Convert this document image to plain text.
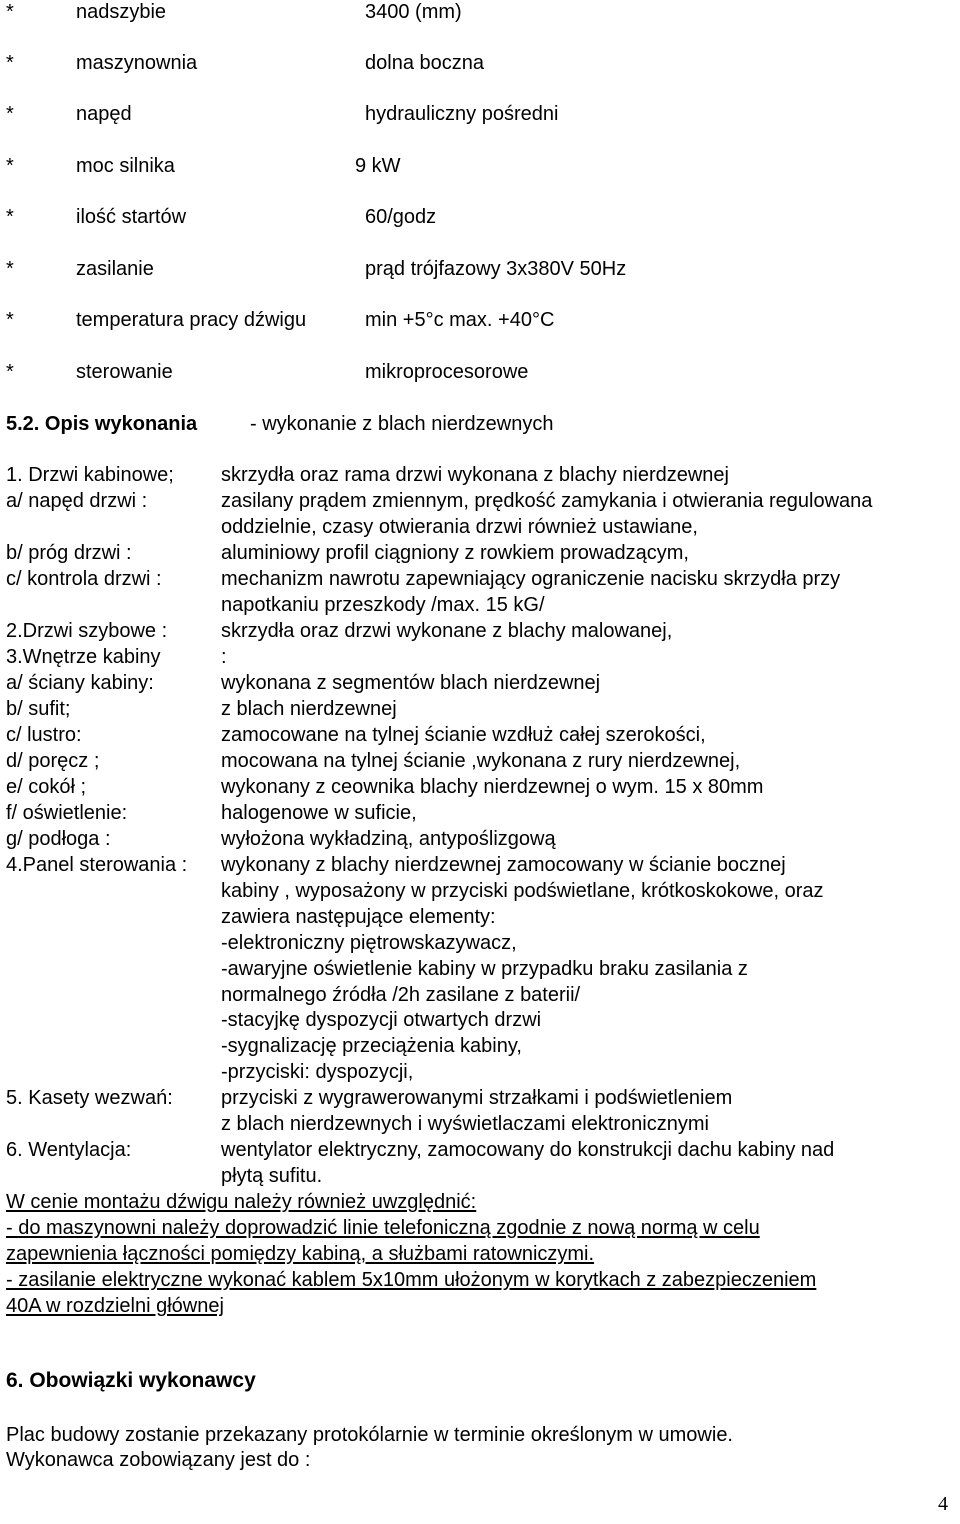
*	nadszybie	3400 (mm)
*	maszynownia	dolna boczna
*	napęd	hydrauliczny pośredni
*	moc silnika	9 kW
*	ilość startów	60/godz
*	zasilanie	prąd trójfazowy 3x380V 50Hz
*	temperatura pracy dźwigu	min +5°c max. +40°C
*	sterowanie	mikroprocesorowe
5.2. Opis wykonania	- wykonanie z blach nierdzewnych
1. Drzwi kabinowe; skrzydła oraz rama drzwi wykonana z blachy nierdzewnej
a/ napęd drzwi :	zasilany prądem zmiennym, prędkość zamykania i otwierania regulowana
oddzielnie, czasy otwierania drzwi również ustawiane,
b/ próg drzwi :	aluminiowy profil ciągniony z rowkiem prowadzącym,
c/ kontrola drzwi :	mechanizm nawrotu zapewniający ograniczenie nacisku skrzydła przy
napotkaniu przeszkody /max. 15 kG/
2.Drzwi szybowe :	skrzydła oraz drzwi wykonane z blachy malowanej,
3.Wnętrze kabiny	:
a/ ściany kabiny:	wykonana z segmentów blach nierdzewnej
b/ sufit;	z blach nierdzewnej
c/ lustro:	zamocowane na tylnej ścianie wzdłuż całej szerokości,
d/ poręcz ;	mocowana na tylnej ścianie ,wykonana z rury nierdzewnej,
e/ cokół ;	wykonany z ceownika blachy nierdzewnej o wym. 15 x 80mm
f/ oświetlenie:	halogenowe w suficie,
g/ podłoga :	wyłożona wykładziną, antypoślizgową
4.Panel sterowania : wykonany z blachy nierdzewnej zamocowany w ścianie bocznej
kabiny , wyposażony w przyciski podświetlane, krótkoskokowe, oraz
zawiera następujące elementy:
-elektroniczny piętrowskazywacz,
-awaryjne oświetlenie kabiny w przypadku braku zasilania z
normalnego źródła /2h zasilane z baterii/
-stacyjkę dyspozycji otwartych drzwi
-sygnalizację przeciążenia kabiny,
-przyciski: dyspozycji,
5. Kasety wezwań: przyciski z wygrawerowanymi strzałkami i podświetleniem
z blach nierdzewnych i wyświetlaczami elektronicznymi
6. Wentylacja:	wentylator elektryczny, zamocowany do konstrukcji dachu kabiny nad
płytą sufitu.
W cenie montażu dźwigu należy również uwzględnić:
- do maszynowni należy doprowadzić linie telefoniczną zgodnie z nową normą w celu
zapewnienia łączności pomiędzy kabiną, a służbami ratowniczymi.
- zasilanie elektryczne wykonać kablem 5x10mm ułożonym w korytkach z zabezpieczeniem
40A w rozdzielni głównej
6. Obowiązki wykonawcy
Plac budowy zostanie przekazany protokólarnie w terminie określonym w umowie.
Wykonawca zobowiązany jest do :
4
